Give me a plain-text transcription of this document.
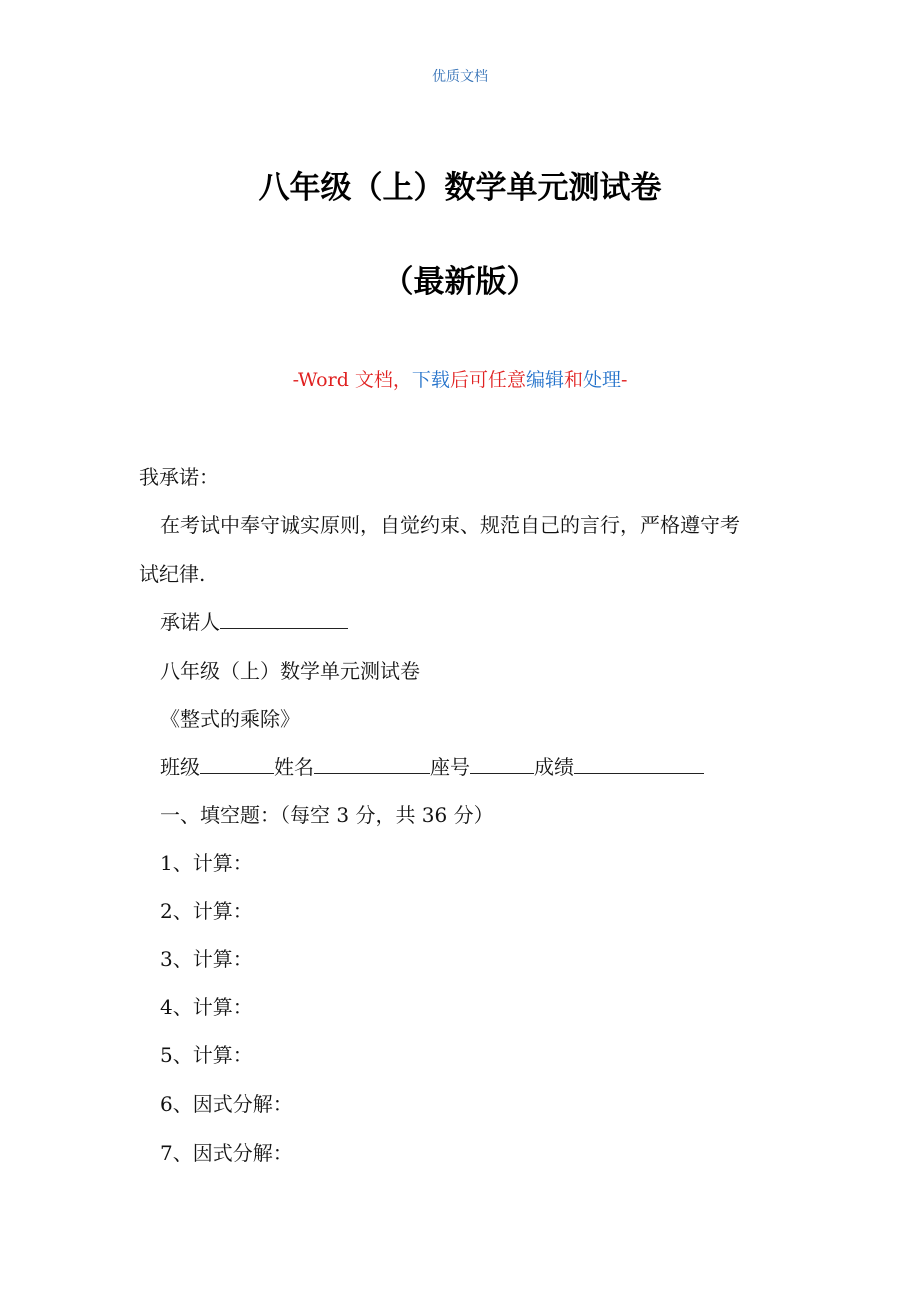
优质文档
八年级（上）数学单元测试卷
（最新版）
-Word 文档，下载后可任意编辑和处理-
我承诺：
在考试中奉守诚实原则，自觉约束、规范自己的言行，严格遵守考
试纪律.
承诺人
八年级（上）数学单元测试卷
《整式的乘除》
班级	姓名	座号	成绩
一、填空题：（每空 3 分，共 36 分）
1、计算：
2、计算：
3、计算：
4、计算：
5、计算：
6、因式分解：
7、因式分解：
